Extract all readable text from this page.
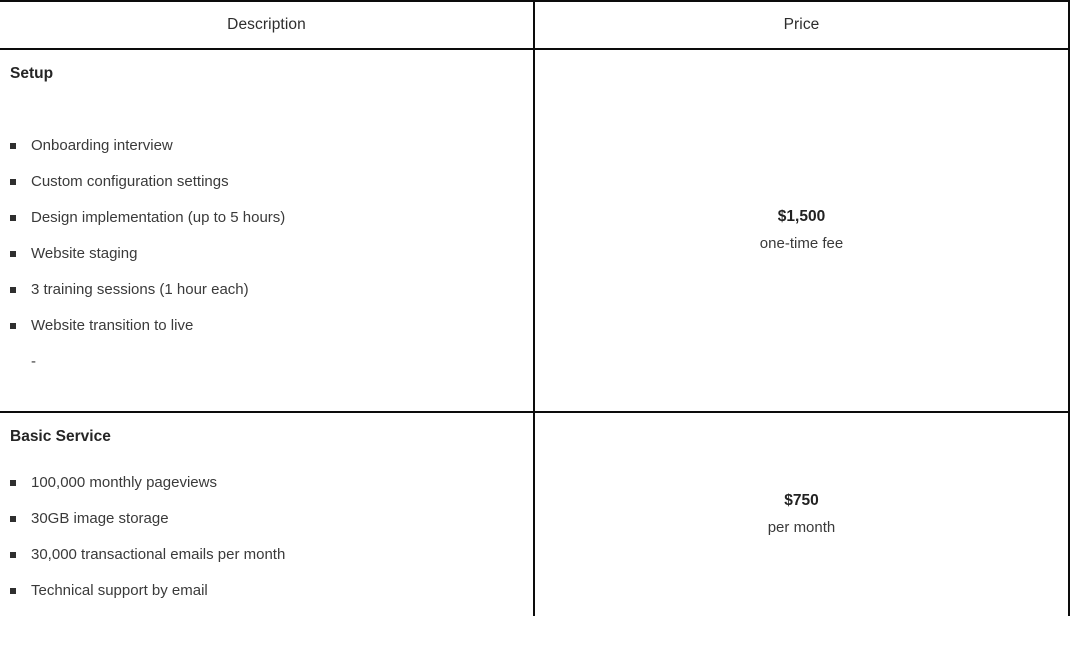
Description	Price
Setup
Onboarding interview
Custom configuration settings
Design implementation (up to 5 hours)
Website staging
3 training sessions (1 hour each)
Website transition to live
-
$1,500
one-time fee
Basic Service
100,000 monthly pageviews
30GB image storage
30,000 transactional emails per month
Technical support by email
$750
per month
